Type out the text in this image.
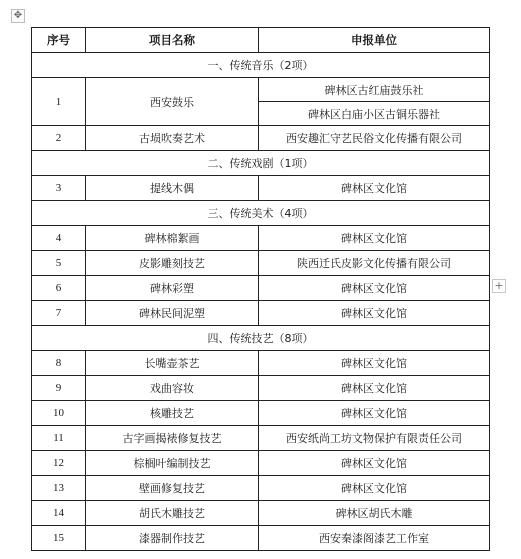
✥
序号	项目名称	申报单位
一、传统音乐（2项）		
1	西安鼓乐	碑林区古红庙鼓乐社
		碑林区白庙小区古铜乐器社
2	古埙吹奏艺术	西安趣汇守艺民俗文化传播有限公司
二、传统戏剧（1项）		
3	提线木偶	碑林区文化馆
三、传统美术（4项）		
4	碑林棉絮画	碑林区文化馆
5	皮影雕刻技艺	陕西迁氏皮影文化传播有限公司
6	碑林彩塑	碑林区文化馆
7	碑林民间泥塑	碑林区文化馆
四、传统技艺（8项）		
8	长嘴壶茶艺	碑林区文化馆
9	戏曲容妆	碑林区文化馆
10	核雕技艺	碑林区文化馆
11	古字画揭裱修复技艺	西安纸尚工坊文物保护有限责任公司
12	棕榈叶编制技艺	碑林区文化馆
13	壁画修复技艺	碑林区文化馆
14	胡氏木雕技艺	碑林区胡氏木雕
15	漆器制作技艺	西安秦漆阁漆艺工作室
+
